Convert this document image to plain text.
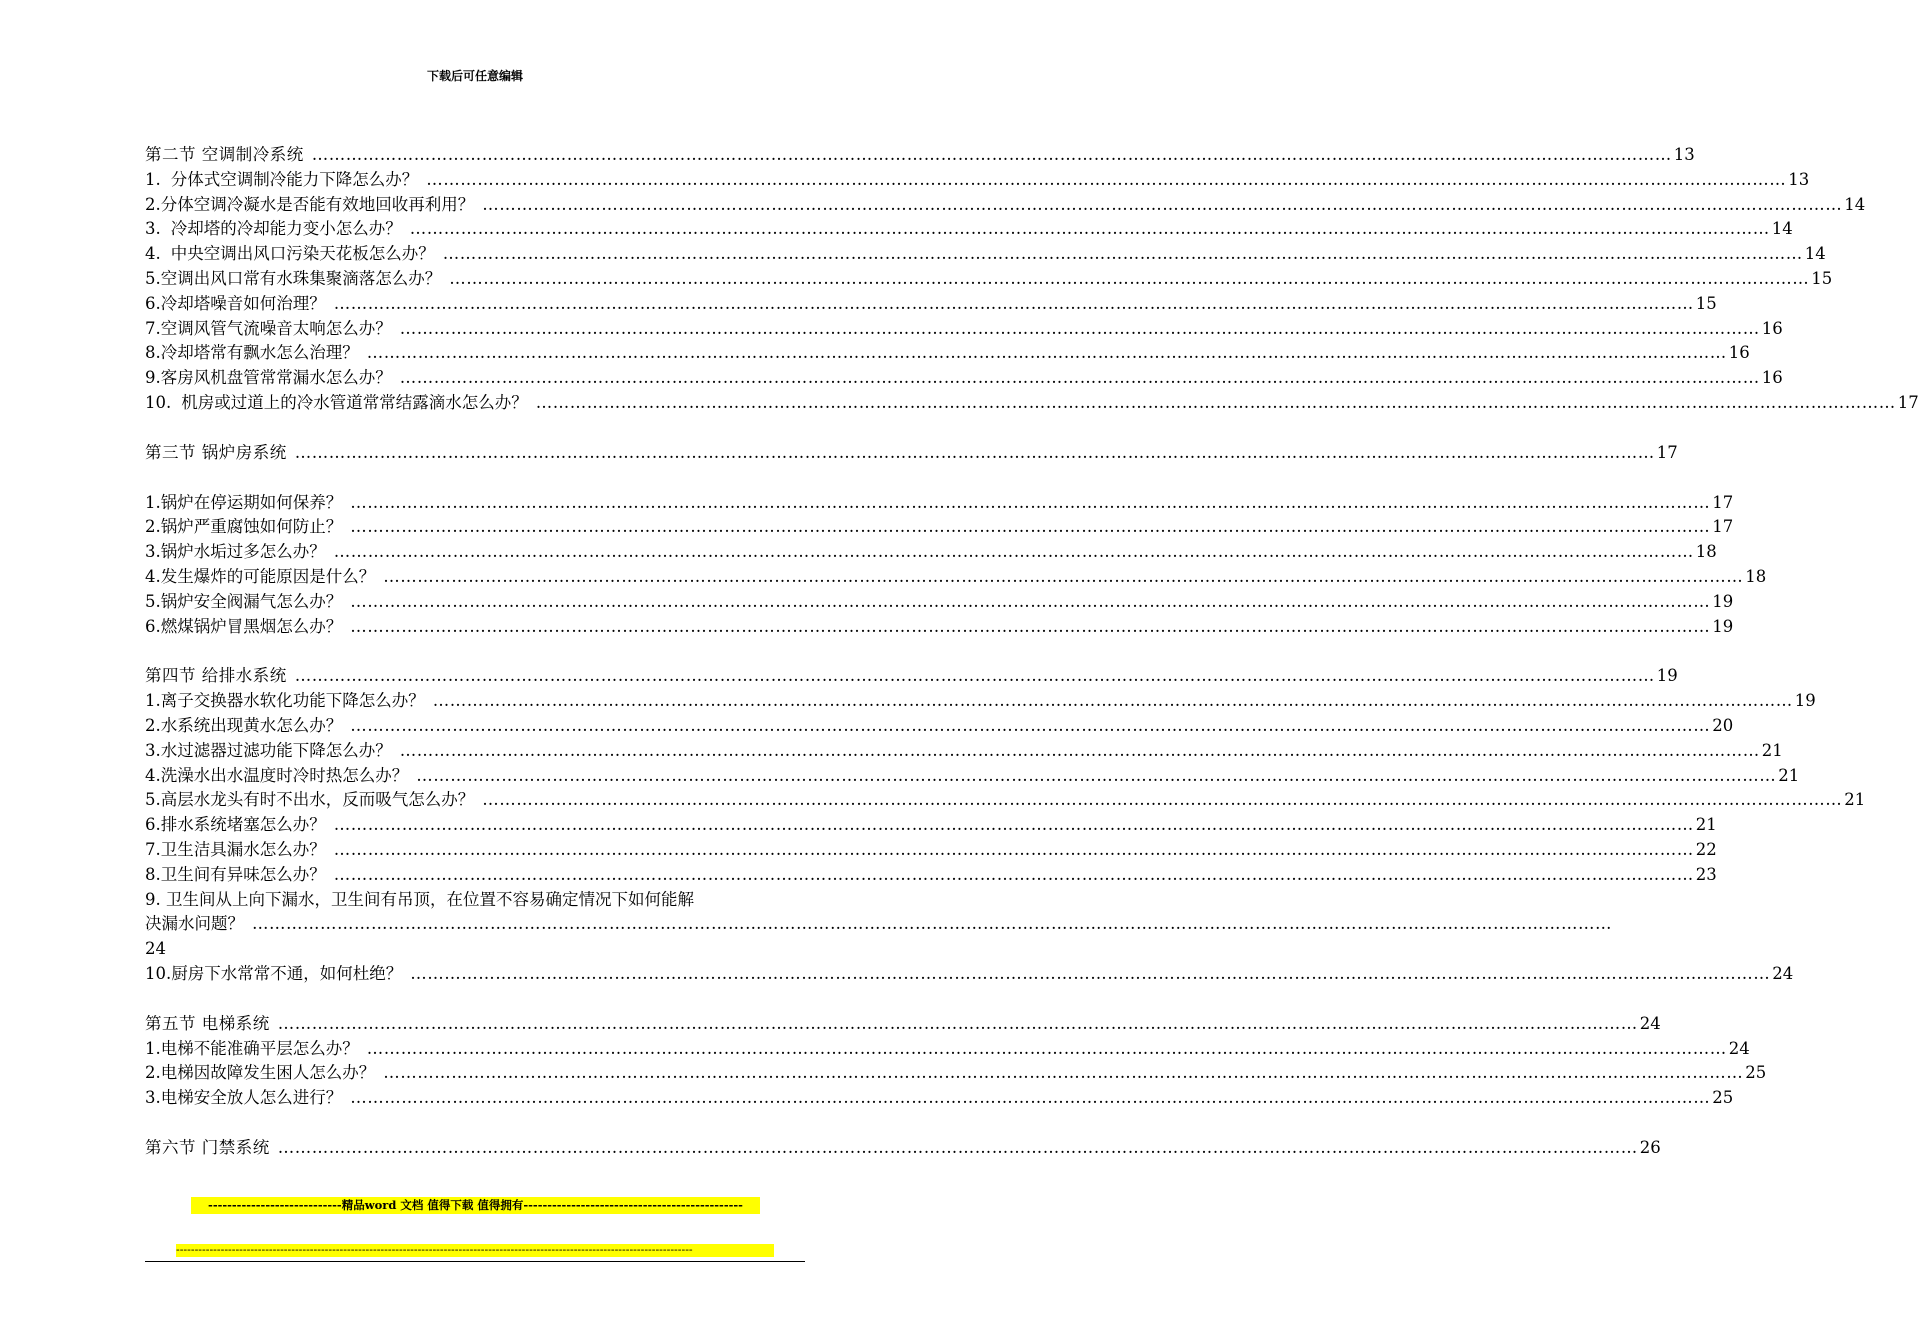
下载后可任意编辑
第二节 空调制冷系统 …………………………………………………………………………………………………………………………………………………………………………………………………………………… 13
1. 分体式空调制冷能力下降怎么办？ …………………………………………………………………………………………………………………………………………………………………………………………………………………… 13
2. 分体空调冷凝水是否能有效地回收再利用？ …………………………………………………………………………………………………………………………………………………………………………………………………………………… 14
3. 冷却塔的冷却能力变小怎么办？ …………………………………………………………………………………………………………………………………………………………………………………………………………………… 14
4. 中央空调出风口污染天花板怎么办？ …………………………………………………………………………………………………………………………………………………………………………………………………………………… 14
5. 空调出风口常有水珠集聚滴落怎么办？ …………………………………………………………………………………………………………………………………………………………………………………………………………………… 15
6. 冷却塔噪音如何治理？ …………………………………………………………………………………………………………………………………………………………………………………………………………………… 15
7. 空调风管气流噪音太响怎么办？ …………………………………………………………………………………………………………………………………………………………………………………………………………………… 16
8. 冷却塔常有飘水怎么治理？ …………………………………………………………………………………………………………………………………………………………………………………………………………………… 16
9. 客房风机盘管常常漏水怎么办？ …………………………………………………………………………………………………………………………………………………………………………………………………………………… 16
10. 机房或过道上的冷水管道常常结露滴水怎么办？ …………………………………………………………………………………………………………………………………………………………………………………………………………………… 17
第三节 锅炉房系统 …………………………………………………………………………………………………………………………………………………………………………………………………………………… 17
1. 锅炉在停运期如何保养？ …………………………………………………………………………………………………………………………………………………………………………………………………………………… 17
2. 锅炉严重腐蚀如何防止？ …………………………………………………………………………………………………………………………………………………………………………………………………………………… 17
3. 锅炉水垢过多怎么办？ …………………………………………………………………………………………………………………………………………………………………………………………………………………… 18
4. 发生爆炸的可能原因是什么？ …………………………………………………………………………………………………………………………………………………………………………………………………………………… 18
5. 锅炉安全阀漏气怎么办？ …………………………………………………………………………………………………………………………………………………………………………………………………………………… 19
6. 燃煤锅炉冒黑烟怎么办？ …………………………………………………………………………………………………………………………………………………………………………………………………………………… 19
第四节 给排水系统 …………………………………………………………………………………………………………………………………………………………………………………………………………………… 19
1. 离子交换器水软化功能下降怎么办？ …………………………………………………………………………………………………………………………………………………………………………………………………………………… 19
2. 水系统出现黄水怎么办？ …………………………………………………………………………………………………………………………………………………………………………………………………………………… 20
3. 水过滤器过滤功能下降怎么办？ …………………………………………………………………………………………………………………………………………………………………………………………………………………… 21
4. 洗澡水出水温度时冷时热怎么办？ …………………………………………………………………………………………………………………………………………………………………………………………………………………… 21
5. 高层水龙头有时不出水，反而吸气怎么办？ …………………………………………………………………………………………………………………………………………………………………………………………………………………… 21
6. 排水系统堵塞怎么办？ …………………………………………………………………………………………………………………………………………………………………………………………………………………… 21
7. 卫生洁具漏水怎么办？ …………………………………………………………………………………………………………………………………………………………………………………………………………………… 22
8. 卫生间有异味怎么办？ …………………………………………………………………………………………………………………………………………………………………………………………………………………… 23
9. 卫生间从上向下漏水，卫生间有吊顶，在位置不容易确定情况下如何能解
决漏水问题？ ……………………………………………………………………………………………………………………………………………………………………………………………………………………
24
10. 厨房下水常常不通，如何杜绝？ …………………………………………………………………………………………………………………………………………………………………………………………………………………… 24
第五节 电梯系统 …………………………………………………………………………………………………………………………………………………………………………………………………………………… 24
1. 电梯不能准确平层怎么办？ …………………………………………………………………………………………………………………………………………………………………………………………………………………… 24
2. 电梯因故障发生困人怎么办？ …………………………………………………………………………………………………………………………………………………………………………………………………………………… 25
3. 电梯安全放人怎么进行？ …………………………………………………………………………………………………………………………………………………………………………………………………………………… 25
第六节 门禁系统 …………………………………………………………………………………………………………………………………………………………………………………………………………………… 26
----------------------------精品word 文档 值得下载 值得拥有----------------------------------------------
-------------------------------------------------------------------------------------------------------------------------------------------
